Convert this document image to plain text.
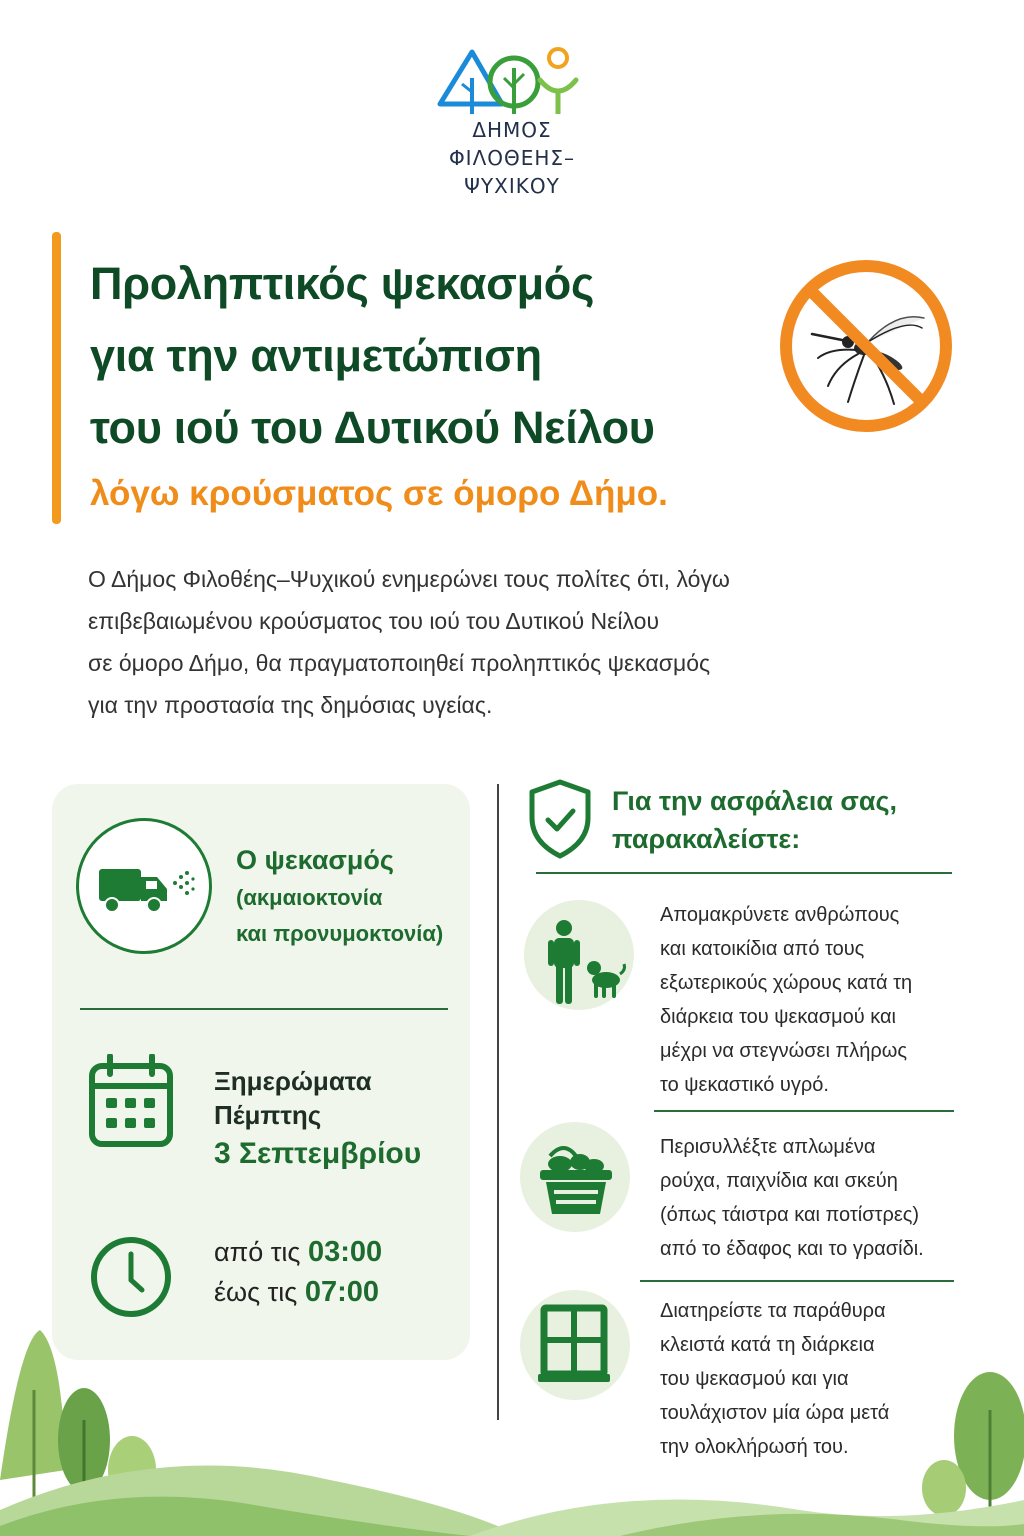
ΔΗΜΟΣ
ΦΙΛΟΘΕΗΣ–ΨΥΧΙΚΟΥ
Προληπτικός ψεκασμός
για την αντιμετώπιση
του ιού του Δυτικού Νείλου
λόγω κρούσματος σε όμορο Δήμο.
Ο Δήμος Φιλοθέης–Ψυχικού ενημερώνει τους πολίτες ότι, λόγω
επιβεβαιωμένου κρούσματος του ιού του Δυτικού Νείλου
σε όμορο Δήμο, θα πραγματοποιηθεί προληπτικός ψεκασμός
για την προστασία της δημόσιας υγείας.
Ο ψεκασμός
(ακμαιοκτονία
και προνυμοκτονία)
Ξημερώματα
Πέμπτης
3 Σεπτεμβρίου
από τις 03:00
έως τις 07:00
Για την ασφάλεια σας,
παρακαλείστε:
Απομακρύνετε ανθρώπους
και κατοικίδια από τους
εξωτερικούς χώρους κατά τη
διάρκεια του ψεκασμού και
μέχρι να στεγνώσει πλήρως
το ψεκαστικό υγρό.
Περισυλλέξτε απλωμένα
ρούχα, παιχνίδια και σκεύη
(όπως τάιστρα και ποτίστρες)
από το έδαφος και το γρασίδι.
Διατηρείστε τα παράθυρα
κλειστά κατά τη διάρκεια
του ψεκασμού και για
τουλάχιστον μία ώρα μετά
την ολοκλήρωσή του.
